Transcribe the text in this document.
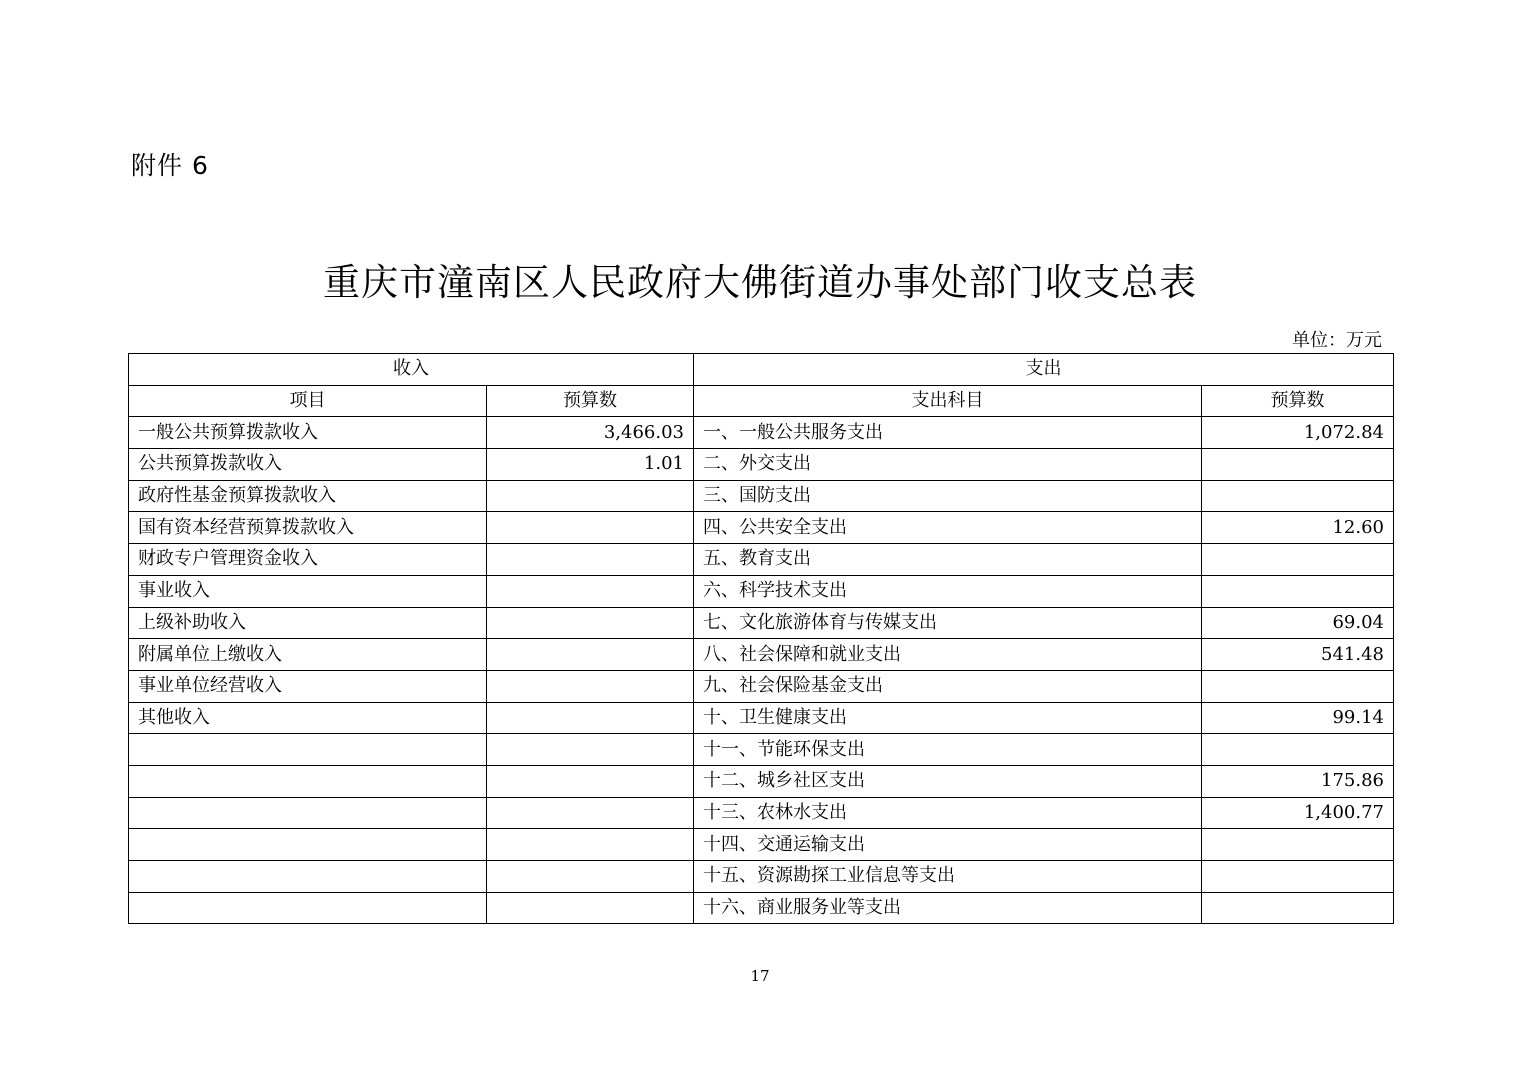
附件 6
重庆市潼南区人民政府大佛街道办事处部门收支总表
单位：万元
收入		支出	
项目	预算数	支出科目	预算数
一般公共预算拨款收入	3,466.03	一、一般公共服务支出	1,072.84
公共预算拨款收入	1.01	二、外交支出	
政府性基金预算拨款收入		三、国防支出	
国有资本经营预算拨款收入		四、公共安全支出	12.60
财政专户管理资金收入		五、教育支出	
事业收入		六、科学技术支出	
上级补助收入		七、文化旅游体育与传媒支出	69.04
附属单位上缴收入		八、社会保障和就业支出	541.48
事业单位经营收入		九、社会保险基金支出	
其他收入		十、卫生健康支出	99.14
		十一、节能环保支出	
		十二、城乡社区支出	175.86
		十三、农林水支出	1,400.77
		十四、交通运输支出	
		十五、资源勘探工业信息等支出	
		十六、商业服务业等支出	
17
